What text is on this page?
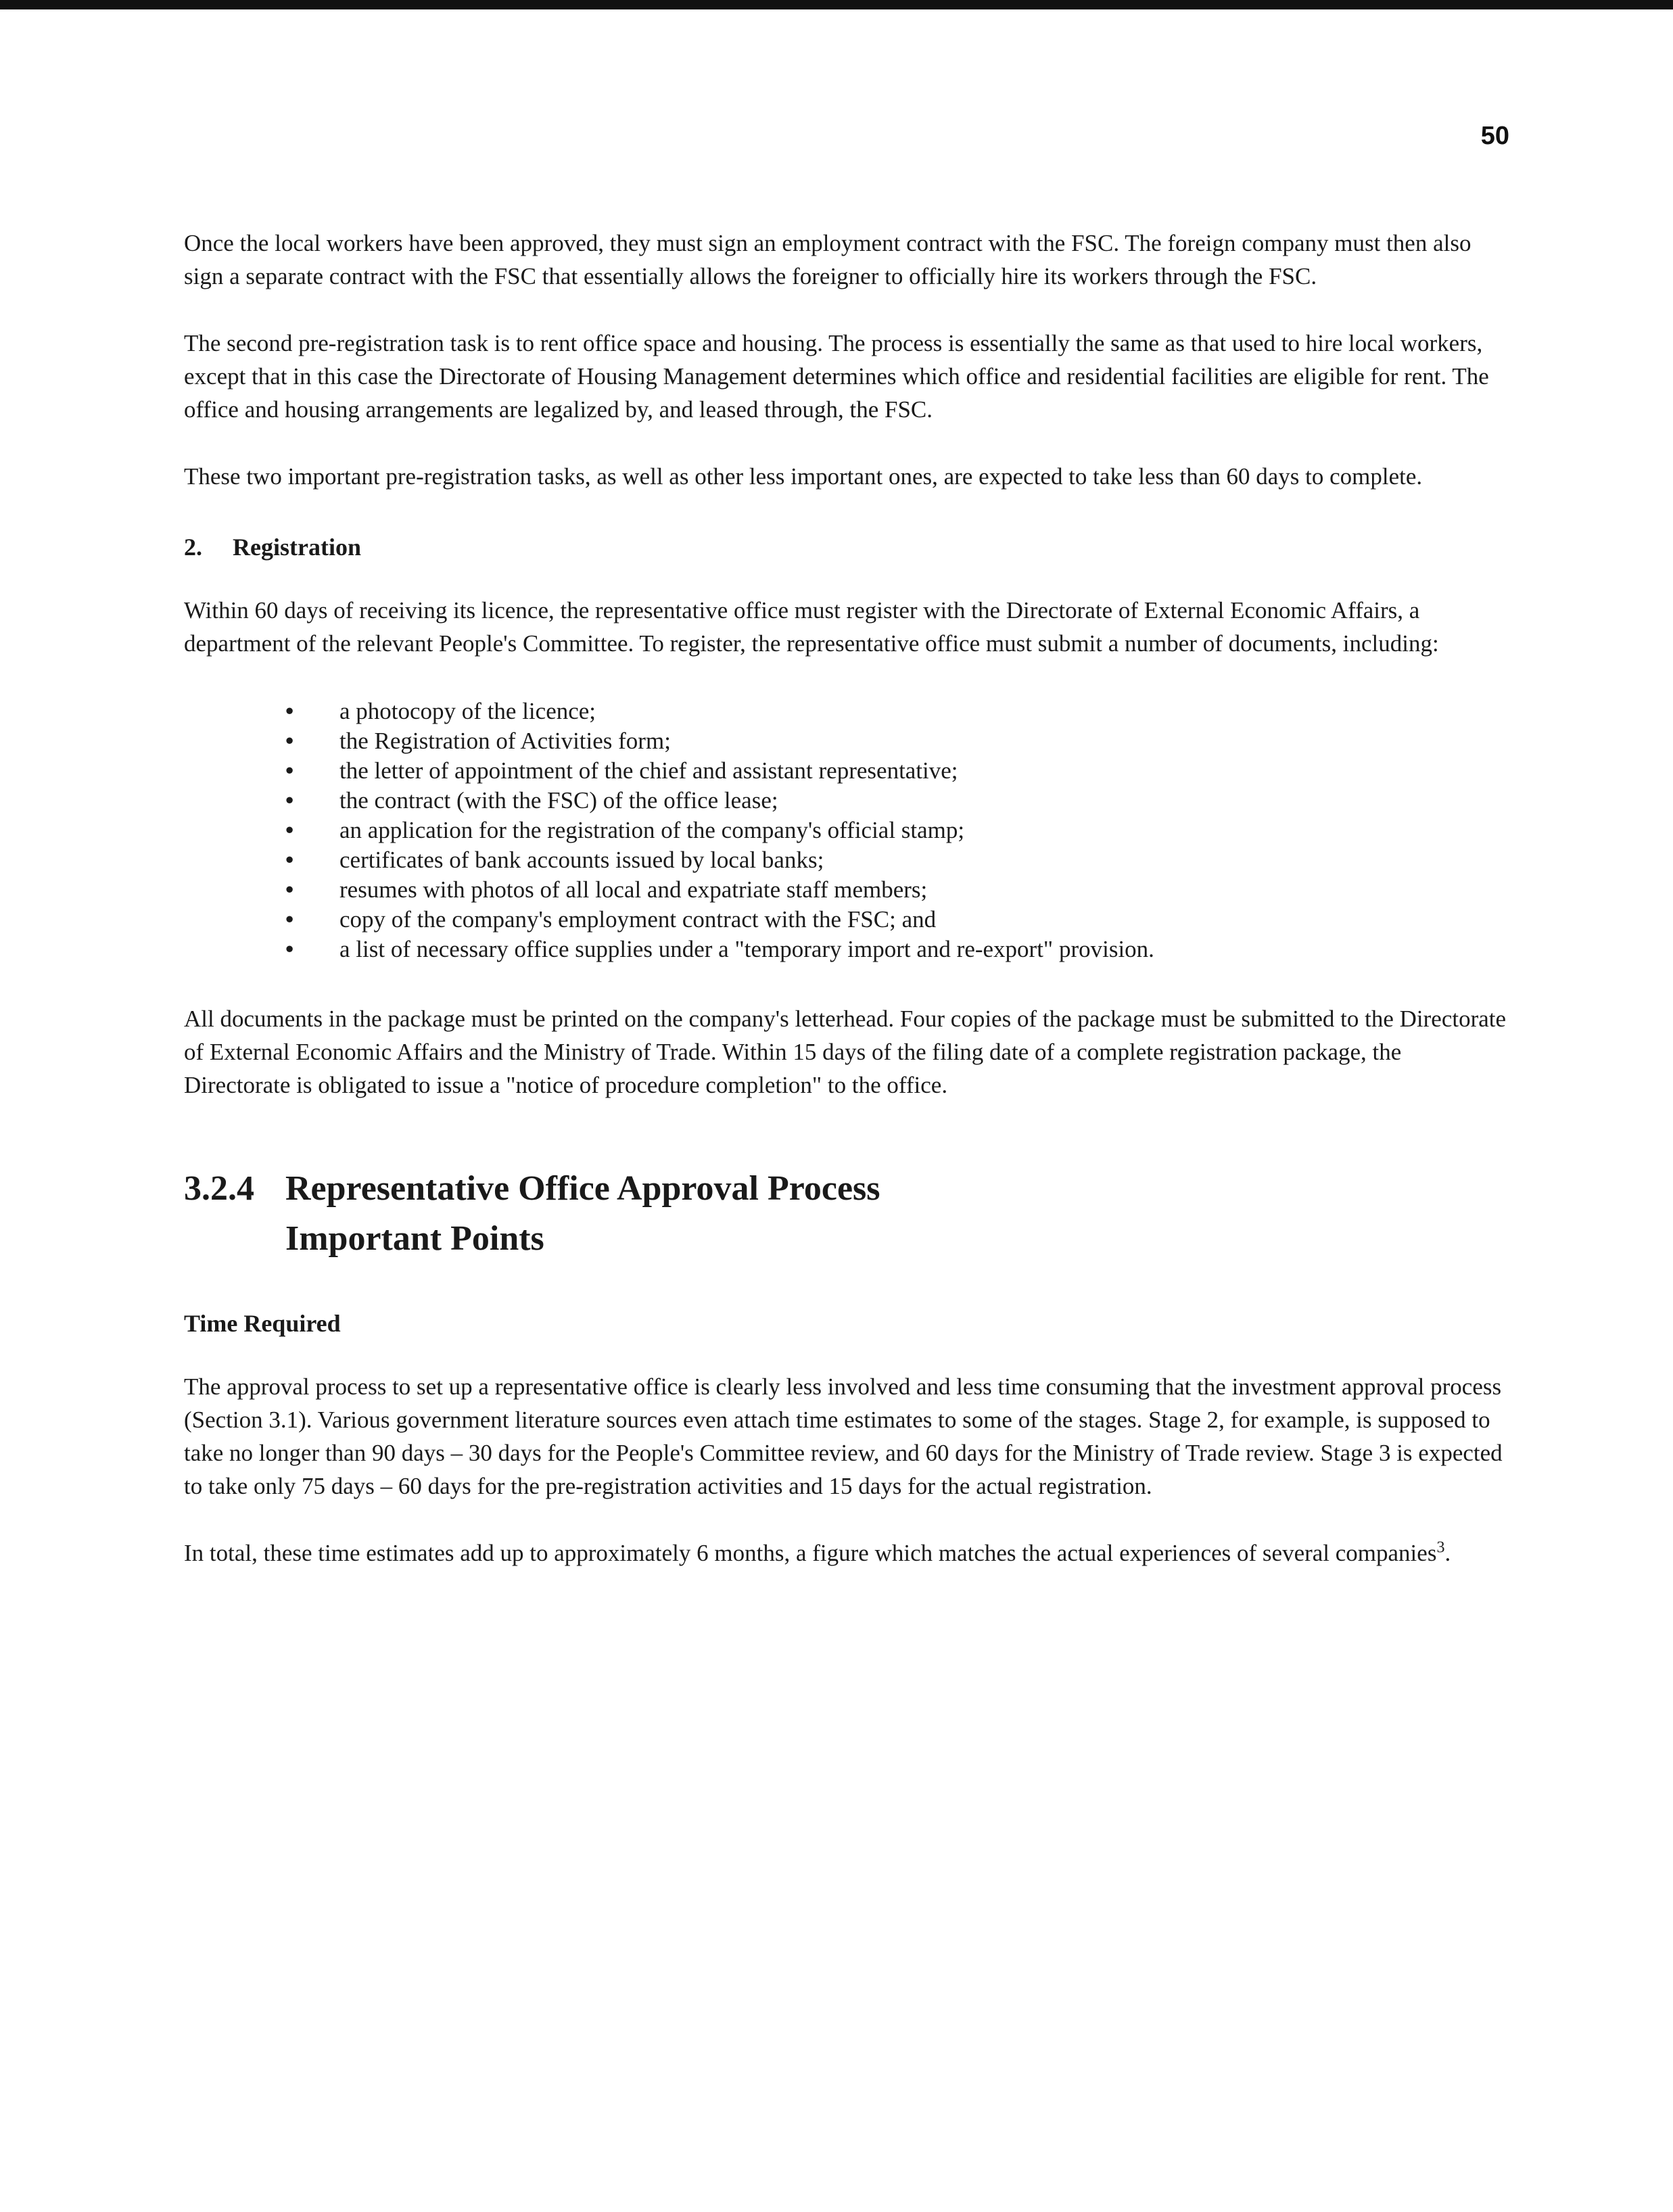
50

Once the local workers have been approved, they must sign an employment contract with the FSC. The foreign company must then also sign a separate contract with the FSC that essentially allows the foreigner to officially hire its workers through the FSC.

The second pre-registration task is to rent office space and housing. The process is essentially the same as that used to hire local workers, except that in this case the Directorate of Housing Management determines which office and residential facilities are eligible for rent. The office and housing arrangements are legalized by, and leased through, the FSC.

These two important pre-registration tasks, as well as other less important ones, are expected to take less than 60 days to complete.

2. Registration

Within 60 days of receiving its licence, the representative office must register with the Directorate of External Economic Affairs, a department of the relevant People's Committee. To register, the representative office must submit a number of documents, including:

•	a photocopy of the licence;
•	the Registration of Activities form;
•	the letter of appointment of the chief and assistant representative;
•	the contract (with the FSC) of the office lease;
•	an application for the registration of the company's official stamp;
•	certificates of bank accounts issued by local banks;
•	resumes with photos of all local and expatriate staff members;
•	copy of the company's employment contract with the FSC; and
•	a list of necessary office supplies under a "temporary import and re-export" provision.

All documents in the package must be printed on the company's letterhead. Four copies of the package must be submitted to the Directorate of External Economic Affairs and the Ministry of Trade. Within 15 days of the filing date of a complete registration package, the Directorate is obligated to issue a "notice of procedure completion" to the office.

3.2.4 Representative Office Approval Process
Important Points
Time Required

The approval process to set up a representative office is clearly less involved and less time consuming that the investment approval process (Section 3.1). Various government literature sources even attach time estimates to some of the stages. Stage 2, for example, is supposed to take no longer than 90 days – 30 days for the People's Committee review, and 60 days for the Ministry of Trade review. Stage 3 is expected to take only 75 days – 60 days for the pre-registration activities and 15 days for the actual registration.

In total, these time estimates add up to approximately 6 months, a figure which matches the actual experiences of several companies$^3$.
